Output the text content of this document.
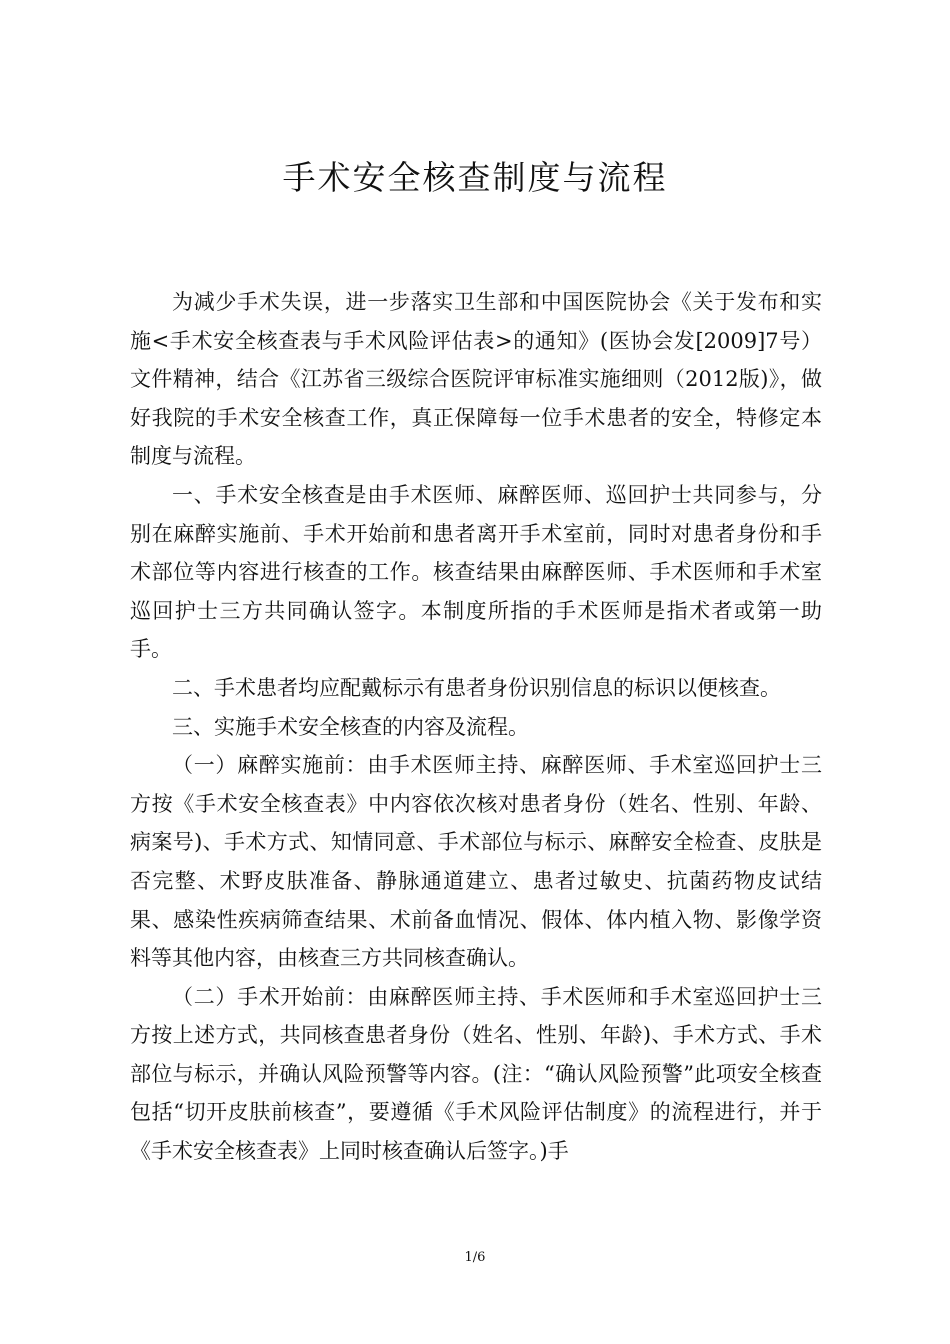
手术安全核查制度与流程

为减少手术失误，进一步落实卫生部和中国医院协会《关于发布和实施<手术安全核查表与手术风险评估表>的通知》(医协会发[2009]7号）文件精神，结合《江苏省三级综合医院评审标准实施细则（2012版)》，做好我院的手术安全核查工作，真正保障每一位手术患者的安全，特修定本制度与流程。

一、手术安全核查是由手术医师、麻醉医师、巡回护士共同参与，分别在麻醉实施前、手术开始前和患者离开手术室前，同时对患者身份和手术部位等内容进行核查的工作。核查结果由麻醉医师、手术医师和手术室巡回护士三方共同确认签字。本制度所指的手术医师是指术者或第一助手。

二、手术患者均应配戴标示有患者身份识别信息的标识以便核查。

三、实施手术安全核查的内容及流程。

（一）麻醉实施前：由手术医师主持、麻醉医师、手术室巡回护士三方按《手术安全核查表》中内容依次核对患者身份（姓名、性别、年龄、病案号)、手术方式、知情同意、手术部位与标示、麻醉安全检查、皮肤是否完整、术野皮肤准备、静脉通道建立、患者过敏史、抗菌药物皮试结果、感染性疾病筛查结果、术前备血情况、假体、体内植入物、影像学资料等其他内容，由核查三方共同核查确认。

（二）手术开始前：由麻醉医师主持、手术医师和手术室巡回护士三方按上述方式，共同核查患者身份（姓名、性别、年龄)、手术方式、手术部位与标示，并确认风险预警等内容。(注：“确认风险预警”此项安全核查包括“切开皮肤前核查”，要遵循《手术风险评估制度》的流程进行，并于《手术安全核查表》上同时核查确认后签字。)手

1/6
